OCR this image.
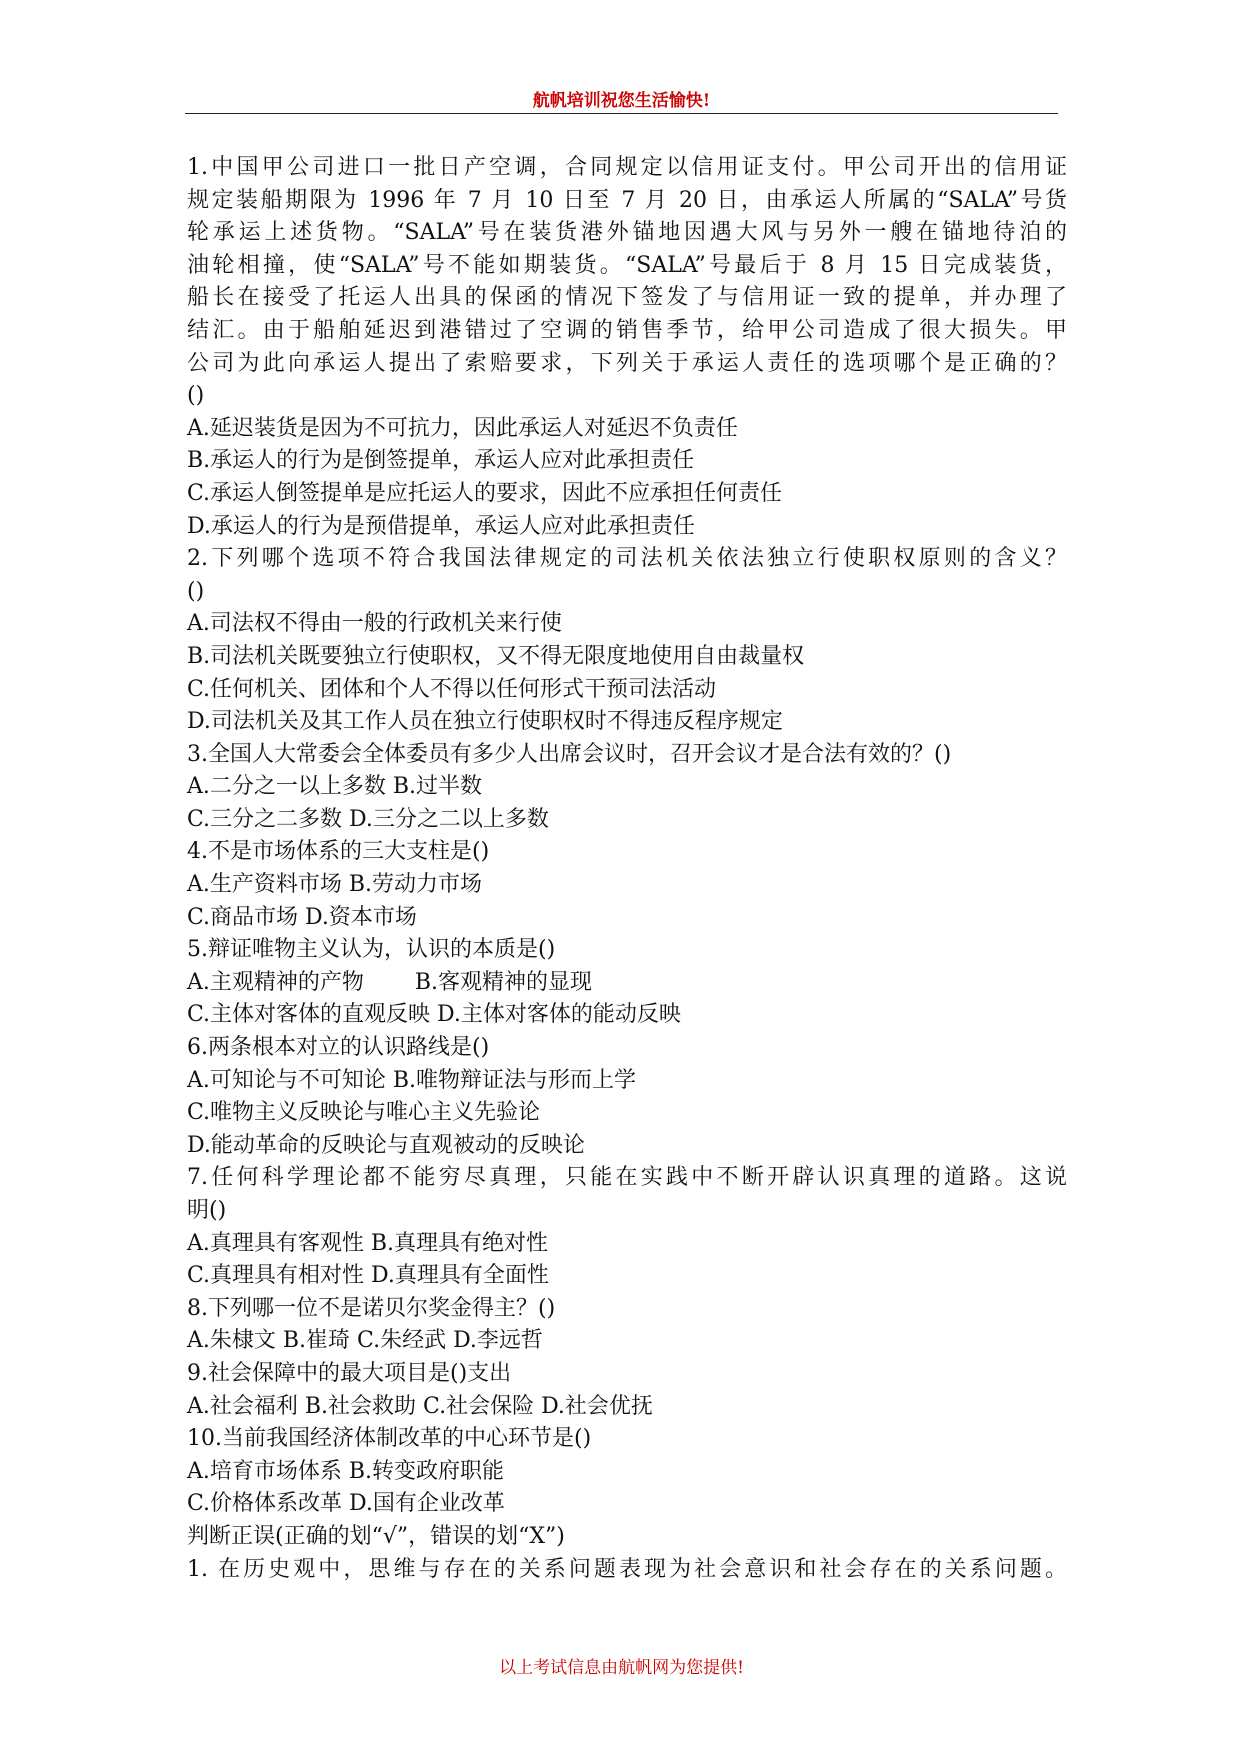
航帆培训祝您生活愉快!
1.中国甲公司进口一批日产空调，合同规定以信用证支付。甲公司开出的信用证
规定装船期限为 1996 年 7 月 10 日至 7 月 20 日，由承运人所属的“SALA”号货
轮承运上述货物。“SALA”号在装货港外锚地因遇大风与另外一艘在锚地待泊的
油轮相撞，使“SALA”号不能如期装货。“SALA”号最后于 8 月 15 日完成装货，
船长在接受了托运人出具的保函的情况下签发了与信用证一致的提单，并办理了
结汇。由于船舶延迟到港错过了空调的销售季节，给甲公司造成了很大损失。甲
公司为此向承运人提出了索赔要求，下列关于承运人责任的选项哪个是正确的？
()
A.延迟装货是因为不可抗力，因此承运人对延迟不负责任
B.承运人的行为是倒签提单，承运人应对此承担责任
C.承运人倒签提单是应托运人的要求，因此不应承担任何责任
D.承运人的行为是预借提单，承运人应对此承担责任
2.下列哪个选项不符合我国法律规定的司法机关依法独立行使职权原则的含义？
()
A.司法权不得由一般的行政机关来行使
B.司法机关既要独立行使职权，又不得无限度地使用自由裁量权
C.任何机关、团体和个人不得以任何形式干预司法活动
D.司法机关及其工作人员在独立行使职权时不得违反程序规定
3.全国人大常委会全体委员有多少人出席会议时，召开会议才是合法有效的？()
A.二分之一以上多数 B.过半数
C.三分之二多数 D.三分之二以上多数
4.不是市场体系的三大支柱是()
A.生产资料市场 B.劳动力市场
C.商品市场 D.资本市场
5.辩证唯物主义认为，认识的本质是()
A.主观精神的产物　　 B.客观精神的显现
C.主体对客体的直观反映 D.主体对客体的能动反映
6.两条根本对立的认识路线是()
A.可知论与不可知论 B.唯物辩证法与形而上学
C.唯物主义反映论与唯心主义先验论
D.能动革命的反映论与直观被动的反映论
7.任何科学理论都不能穷尽真理，只能在实践中不断开辟认识真理的道路。这说
明()
A.真理具有客观性 B.真理具有绝对性
C.真理具有相对性 D.真理具有全面性
8.下列哪一位不是诺贝尔奖金得主？()
A.朱棣文 B.崔琦 C.朱经武 D.李远哲
9.社会保障中的最大项目是()支出
A.社会福利 B.社会救助 C.社会保险 D.社会优抚
10.当前我国经济体制改革的中心环节是()
A.培育市场体系 B.转变政府职能
C.价格体系改革 D.国有企业改革
判断正误(正确的划“√”，错误的划“X”)
1. 在历史观中，思维与存在的关系问题表现为社会意识和社会存在的关系问题。
以上考试信息由航帆网为您提供!
